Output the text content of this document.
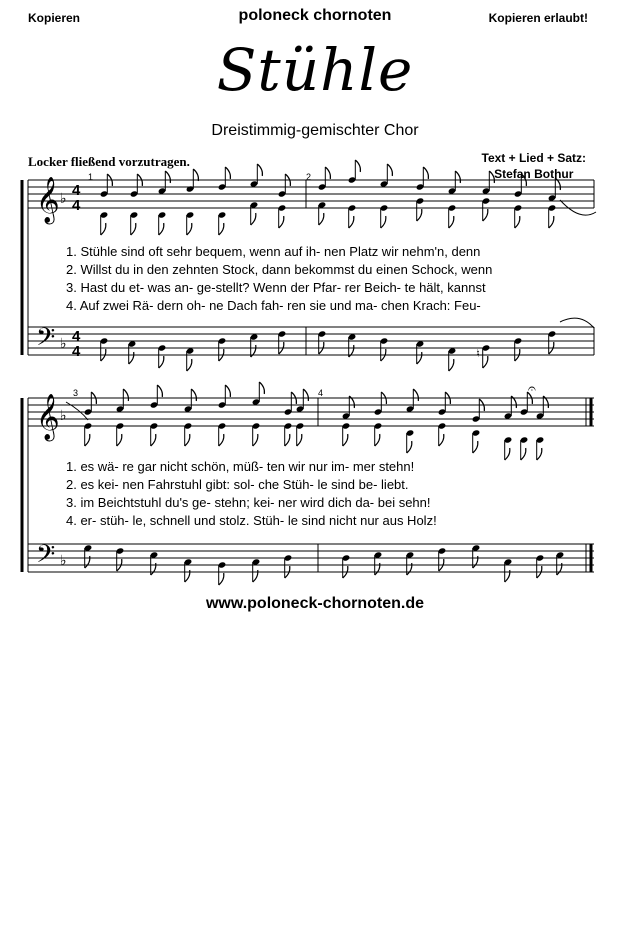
Kopieren	poloneck chornoten	Kopieren erlaubt!
Stühle
Dreistimmig-gemischter Chor
Locker fließend vorzutragen.	Text + Lied + Satz:
Stefan Bothur
𝄞
𝄢
𝄞
𝄢
♭
♭
♭
♭
4
4
4
4
1	2
3	4	𝄐
♮
1. Stühle sind oft sehr bequem, wenn auf ih- nen Platz wir nehm'n, denn
2. Willst du in den zehnten Stock, dann bekommst du einen Schock, wenn
3. Hast du et- was an- ge-stellt? Wenn der Pfar- rer Beich- te hält, kannst
4. Auf zwei Rä- dern oh- ne Dach fah- ren sie und ma- chen Krach: Feu-
1. es wä- re gar nicht schön, müß- ten wir nur im- mer stehn!
2. es kei- nen Fahrstuhl gibt: sol- che Stüh- le sind be- liebt.
3. im Beichtstuhl du's ge- stehn; kei- ner wird dich da- bei sehn!
4. er- stüh- le, schnell und stolz. Stüh- le sind nicht nur aus Holz!
www.poloneck-chornoten.de
